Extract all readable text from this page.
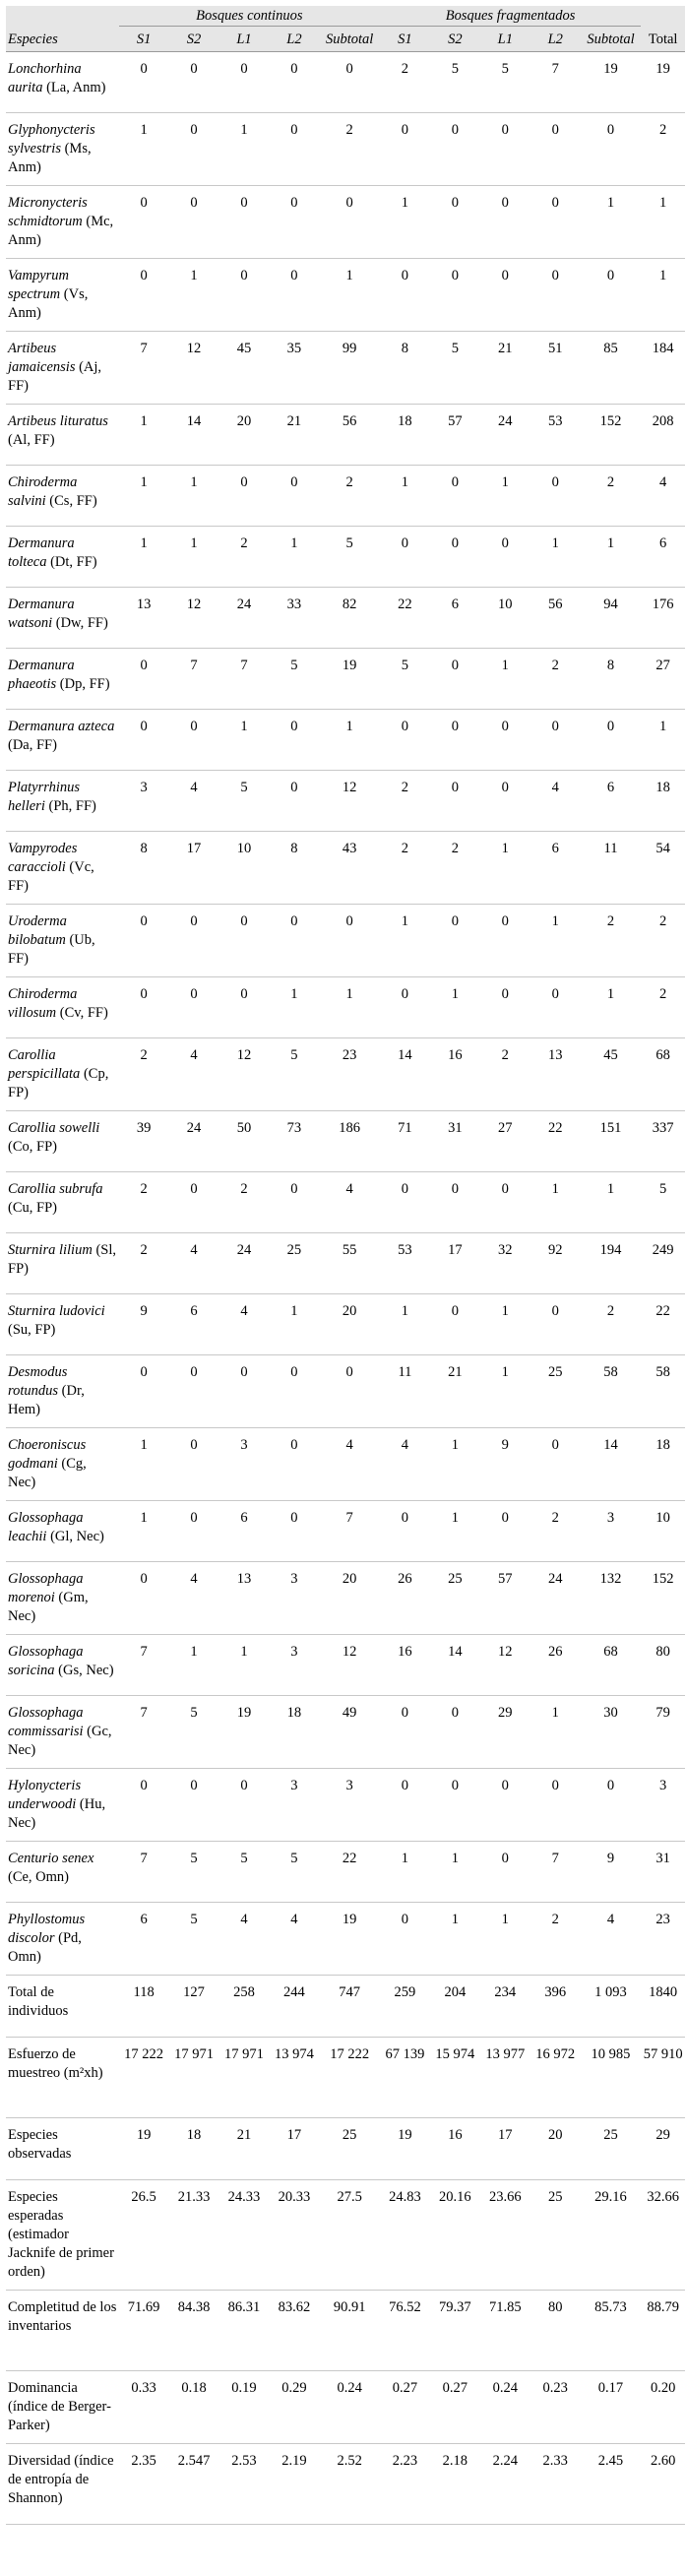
	Bosques continuos					Bosques fragmentados					
Especies	S1	S2	L1	L2	Subtotal	S1	S2	L1	L2	Subtotal	Total
Lonchorhina aurita (La, Anm)	0	0	0	0	0	2	5	5	7	19	19
Glyphonycteris sylvestris (Ms, Anm)	1	0	1	0	2	0	0	0	0	0	2
Micronycteris schmidtorum (Mc, Anm)	0	0	0	0	0	1	0	0	0	1	1
Vampyrum spectrum (Vs, Anm)	0	1	0	0	1	0	0	0	0	0	1
Artibeus jamaicensis (Aj, FF)	7	12	45	35	99	8	5	21	51	85	184
Artibeus lituratus (Al, FF)	1	14	20	21	56	18	57	24	53	152	208
Chiroderma salvini (Cs, FF)	1	1	0	0	2	1	0	1	0	2	4
Dermanura tolteca (Dt, FF)	1	1	2	1	5	0	0	0	1	1	6
Dermanura watsoni (Dw, FF)	13	12	24	33	82	22	6	10	56	94	176
Dermanura phaeotis (Dp, FF)	0	7	7	5	19	5	0	1	2	8	27
Dermanura azteca (Da, FF)	0	0	1	0	1	0	0	0	0	0	1
Platyrrhinus helleri (Ph, FF)	3	4	5	0	12	2	0	0	4	6	18
Vampyrodes caraccioli (Vc, FF)	8	17	10	8	43	2	2	1	6	11	54
Uroderma bilobatum (Ub, FF)	0	0	0	0	0	1	0	0	1	2	2
Chiroderma villosum (Cv, FF)	0	0	0	1	1	0	1	0	0	1	2
Carollia perspicillata (Cp, FP)	2	4	12	5	23	14	16	2	13	45	68
Carollia sowelli (Co, FP)	39	24	50	73	186	71	31	27	22	151	337
Carollia subrufa (Cu, FP)	2	0	2	0	4	0	0	0	1	1	5
Sturnira lilium (Sl, FP)	2	4	24	25	55	53	17	32	92	194	249
Sturnira ludovici (Su, FP)	9	6	4	1	20	1	0	1	0	2	22
Desmodus rotundus (Dr, Hem)	0	0	0	0	0	11	21	1	25	58	58
Choeroniscus godmani (Cg, Nec)	1	0	3	0	4	4	1	9	0	14	18
Glossophaga leachii (Gl, Nec)	1	0	6	0	7	0	1	0	2	3	10
Glossophaga morenoi (Gm, Nec)	0	4	13	3	20	26	25	57	24	132	152
Glossophaga soricina (Gs, Nec)	7	1	1	3	12	16	14	12	26	68	80
Glossophaga commissarisi (Gc, Nec)	7	5	19	18	49	0	0	29	1	30	79
Hylonycteris underwoodi (Hu, Nec)	0	0	0	3	3	0	0	0	0	0	3
Centurio senex (Ce, Omn)	7	5	5	5	22	1	1	0	7	9	31
Phyllostomus discolor (Pd, Omn)	6	5	4	4	19	0	1	1	2	4	23
Total de individuos	118	127	258	244	747	259	204	234	396	1 093	1840
Esfuerzo de muestreo (m²xh)	17 222	17 971	17 971	13 974	17 222	67 139	15 974	13 977	16 972	10 985	57 910
Especies observadas	19	18	21	17	25	19	16	17	20	25	29
Especies esperadas (estimador Jacknife de primer orden)	26.5	21.33	24.33	20.33	27.5	24.83	20.16	23.66	25	29.16	32.66
Completitud de los inventarios	71.69	84.38	86.31	83.62	90.91	76.52	79.37	71.85	80	85.73	88.79
Dominancia (índice de Berger-Parker)	0.33	0.18	0.19	0.29	0.24	0.27	0.27	0.24	0.23	0.17	0.20
Diversidad (índice de entropía de Shannon)	2.35	2.547	2.53	2.19	2.52	2.23	2.18	2.24	2.33	2.45	2.60
